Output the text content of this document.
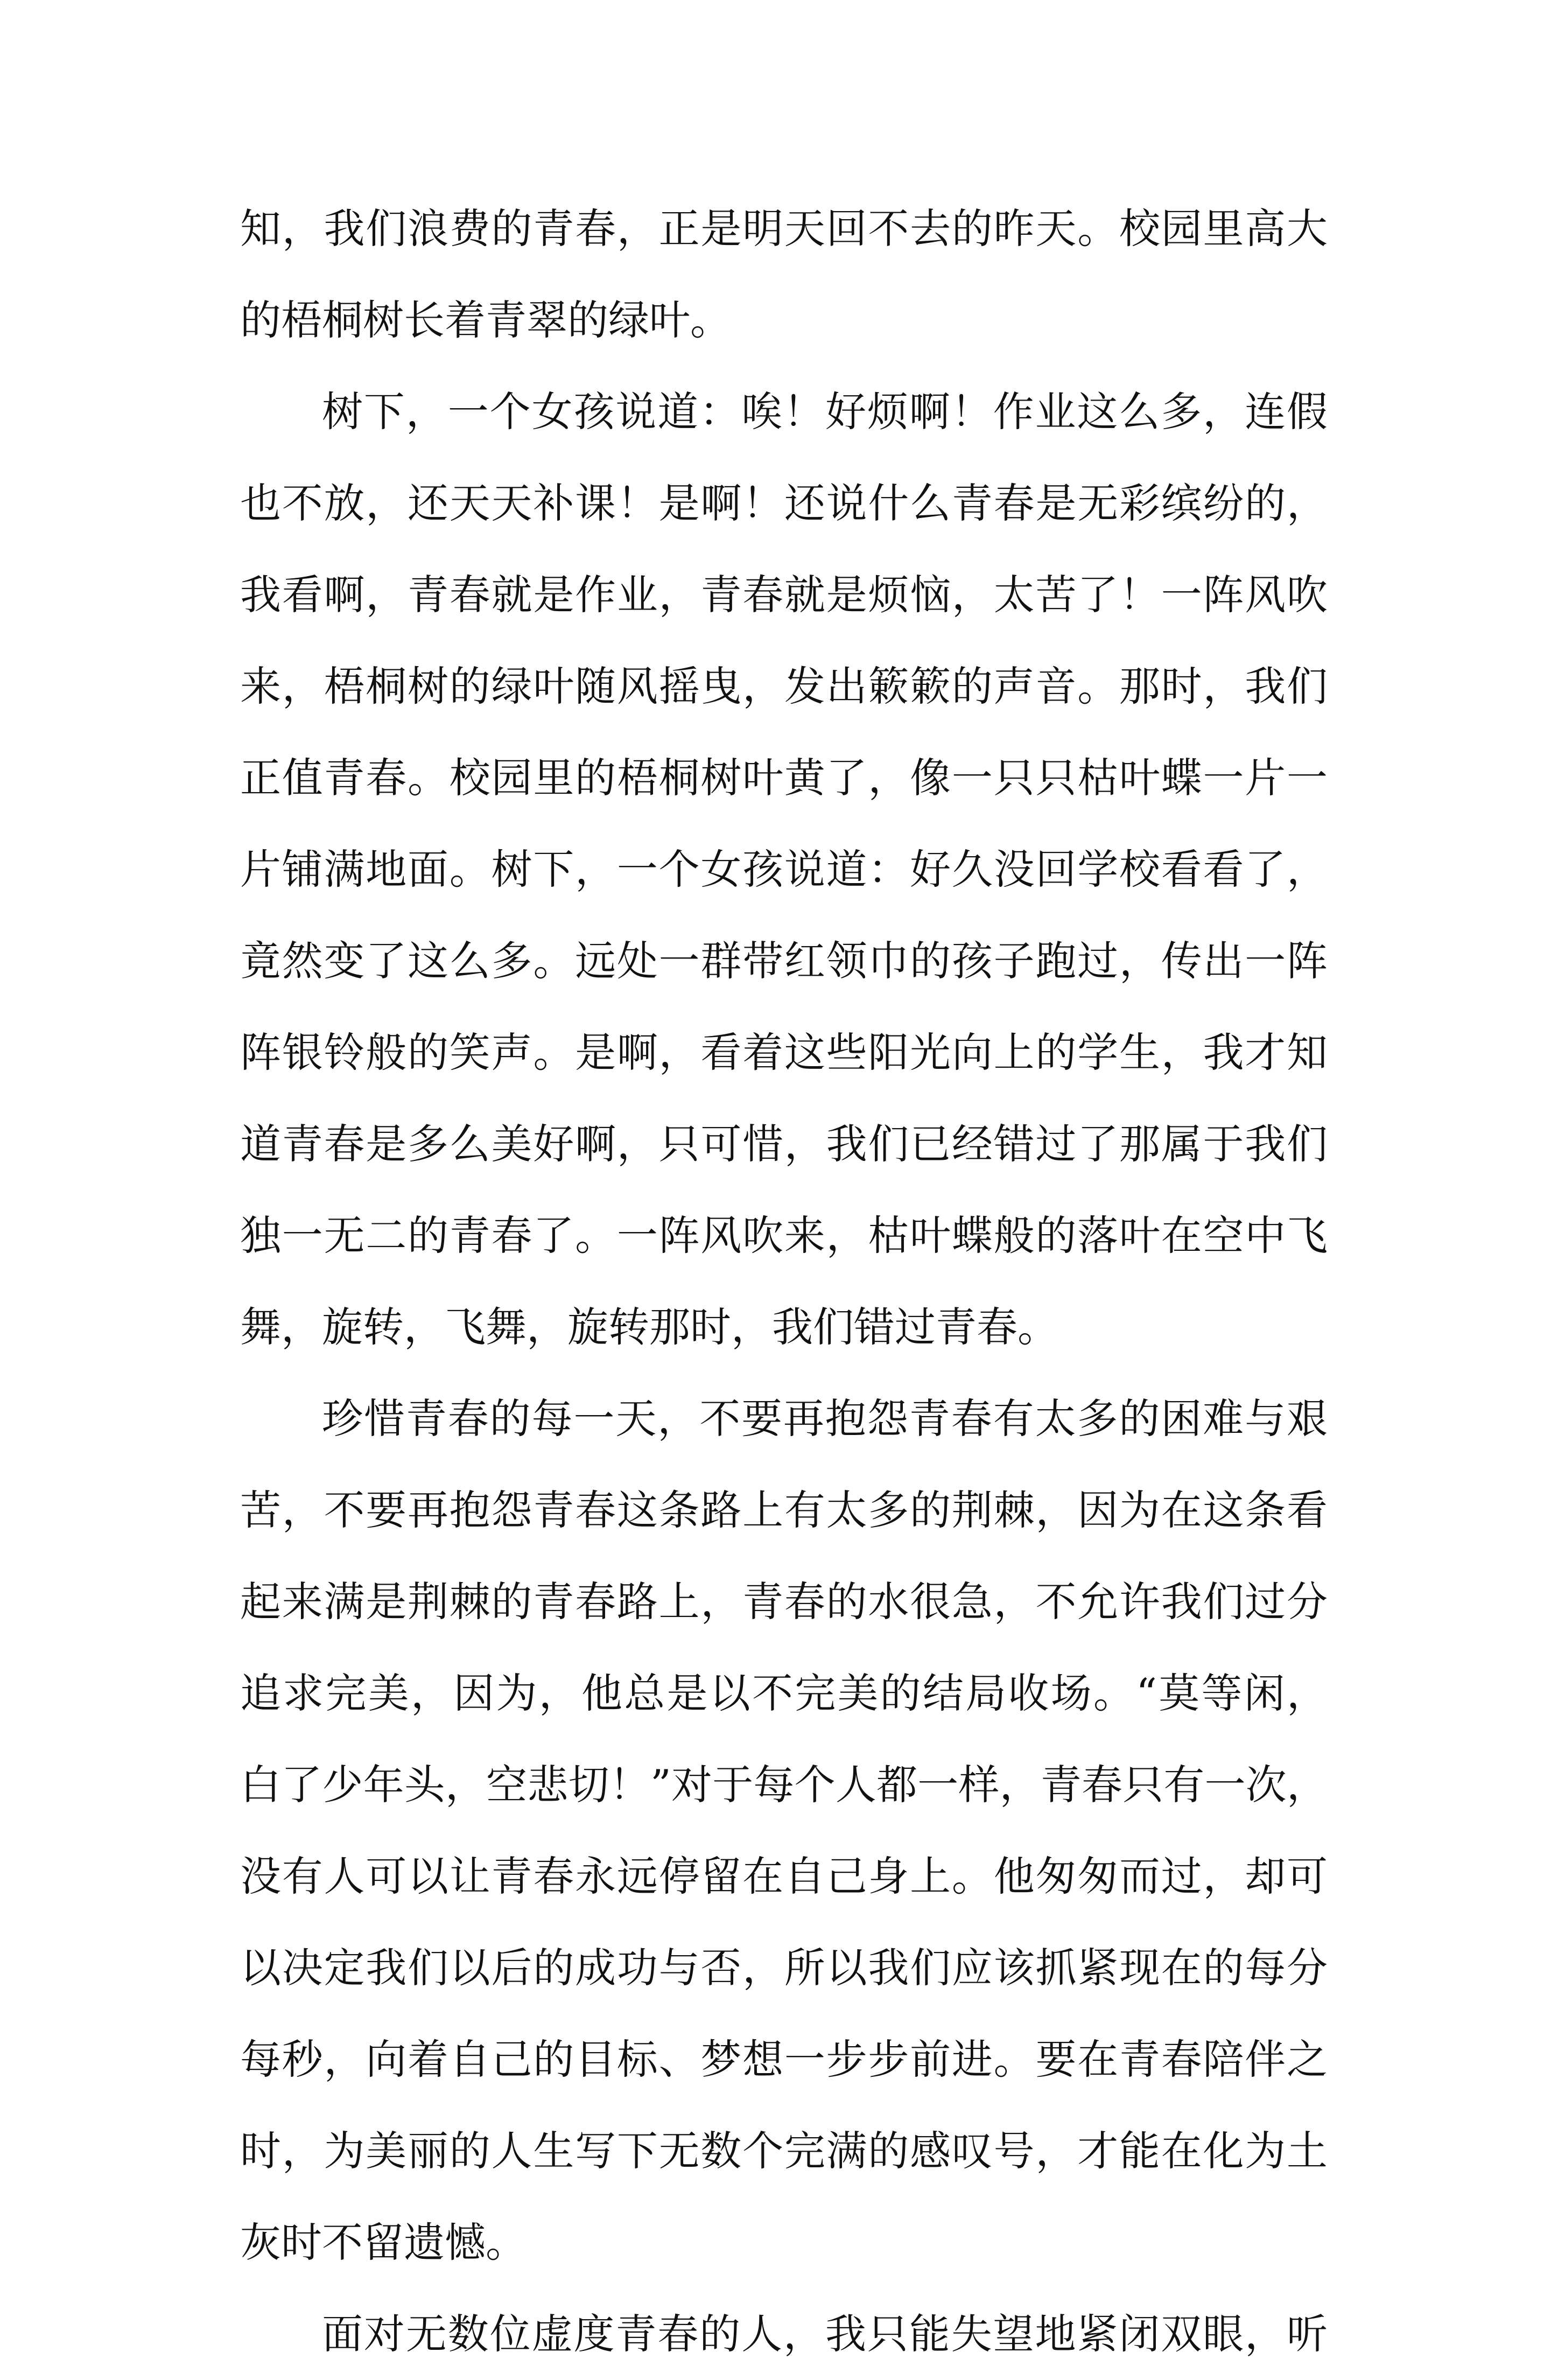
知，我们浪费的青春，正是明天回不去的昨天。校园里高大
的梧桐树长着青翠的绿叶。
树下，一个女孩说道：唉！好烦啊！作业这么多，连假
也不放，还天天补课！是啊！还说什么青春是无彩缤纷的，
我看啊，青春就是作业，青春就是烦恼，太苦了！一阵风吹
来，梧桐树的绿叶随风摇曳，发出簌簌的声音。那时，我们
正值青春。校园里的梧桐树叶黄了，像一只只枯叶蝶一片一
片铺满地面。树下，一个女孩说道：好久没回学校看看了，
竟然变了这么多。远处一群带红领巾的孩子跑过，传出一阵
阵银铃般的笑声。是啊，看着这些阳光向上的学生，我才知
道青春是多么美好啊，只可惜，我们已经错过了那属于我们
独一无二的青春了。一阵风吹来，枯叶蝶般的落叶在空中飞
舞，旋转，飞舞，旋转那时，我们错过青春。
珍惜青春的每一天，不要再抱怨青春有太多的困难与艰
苦，不要再抱怨青春这条路上有太多的荆棘，因为在这条看
起来满是荆棘的青春路上，青春的水很急，不允许我们过分
追求完美，因为，他总是以不完美的结局收场。“莫等闲，
白了少年头，空悲切！”对于每个人都一样，青春只有一次，
没有人可以让青春永远停留在自己身上。他匆匆而过，却可
以决定我们以后的成功与否，所以我们应该抓紧现在的每分
每秒，向着自己的目标、梦想一步步前进。要在青春陪伴之
时，为美丽的人生写下无数个完满的感叹号，才能在化为土
灰时不留遗憾。
面对无数位虚度青春的人，我只能失望地紧闭双眼，听
